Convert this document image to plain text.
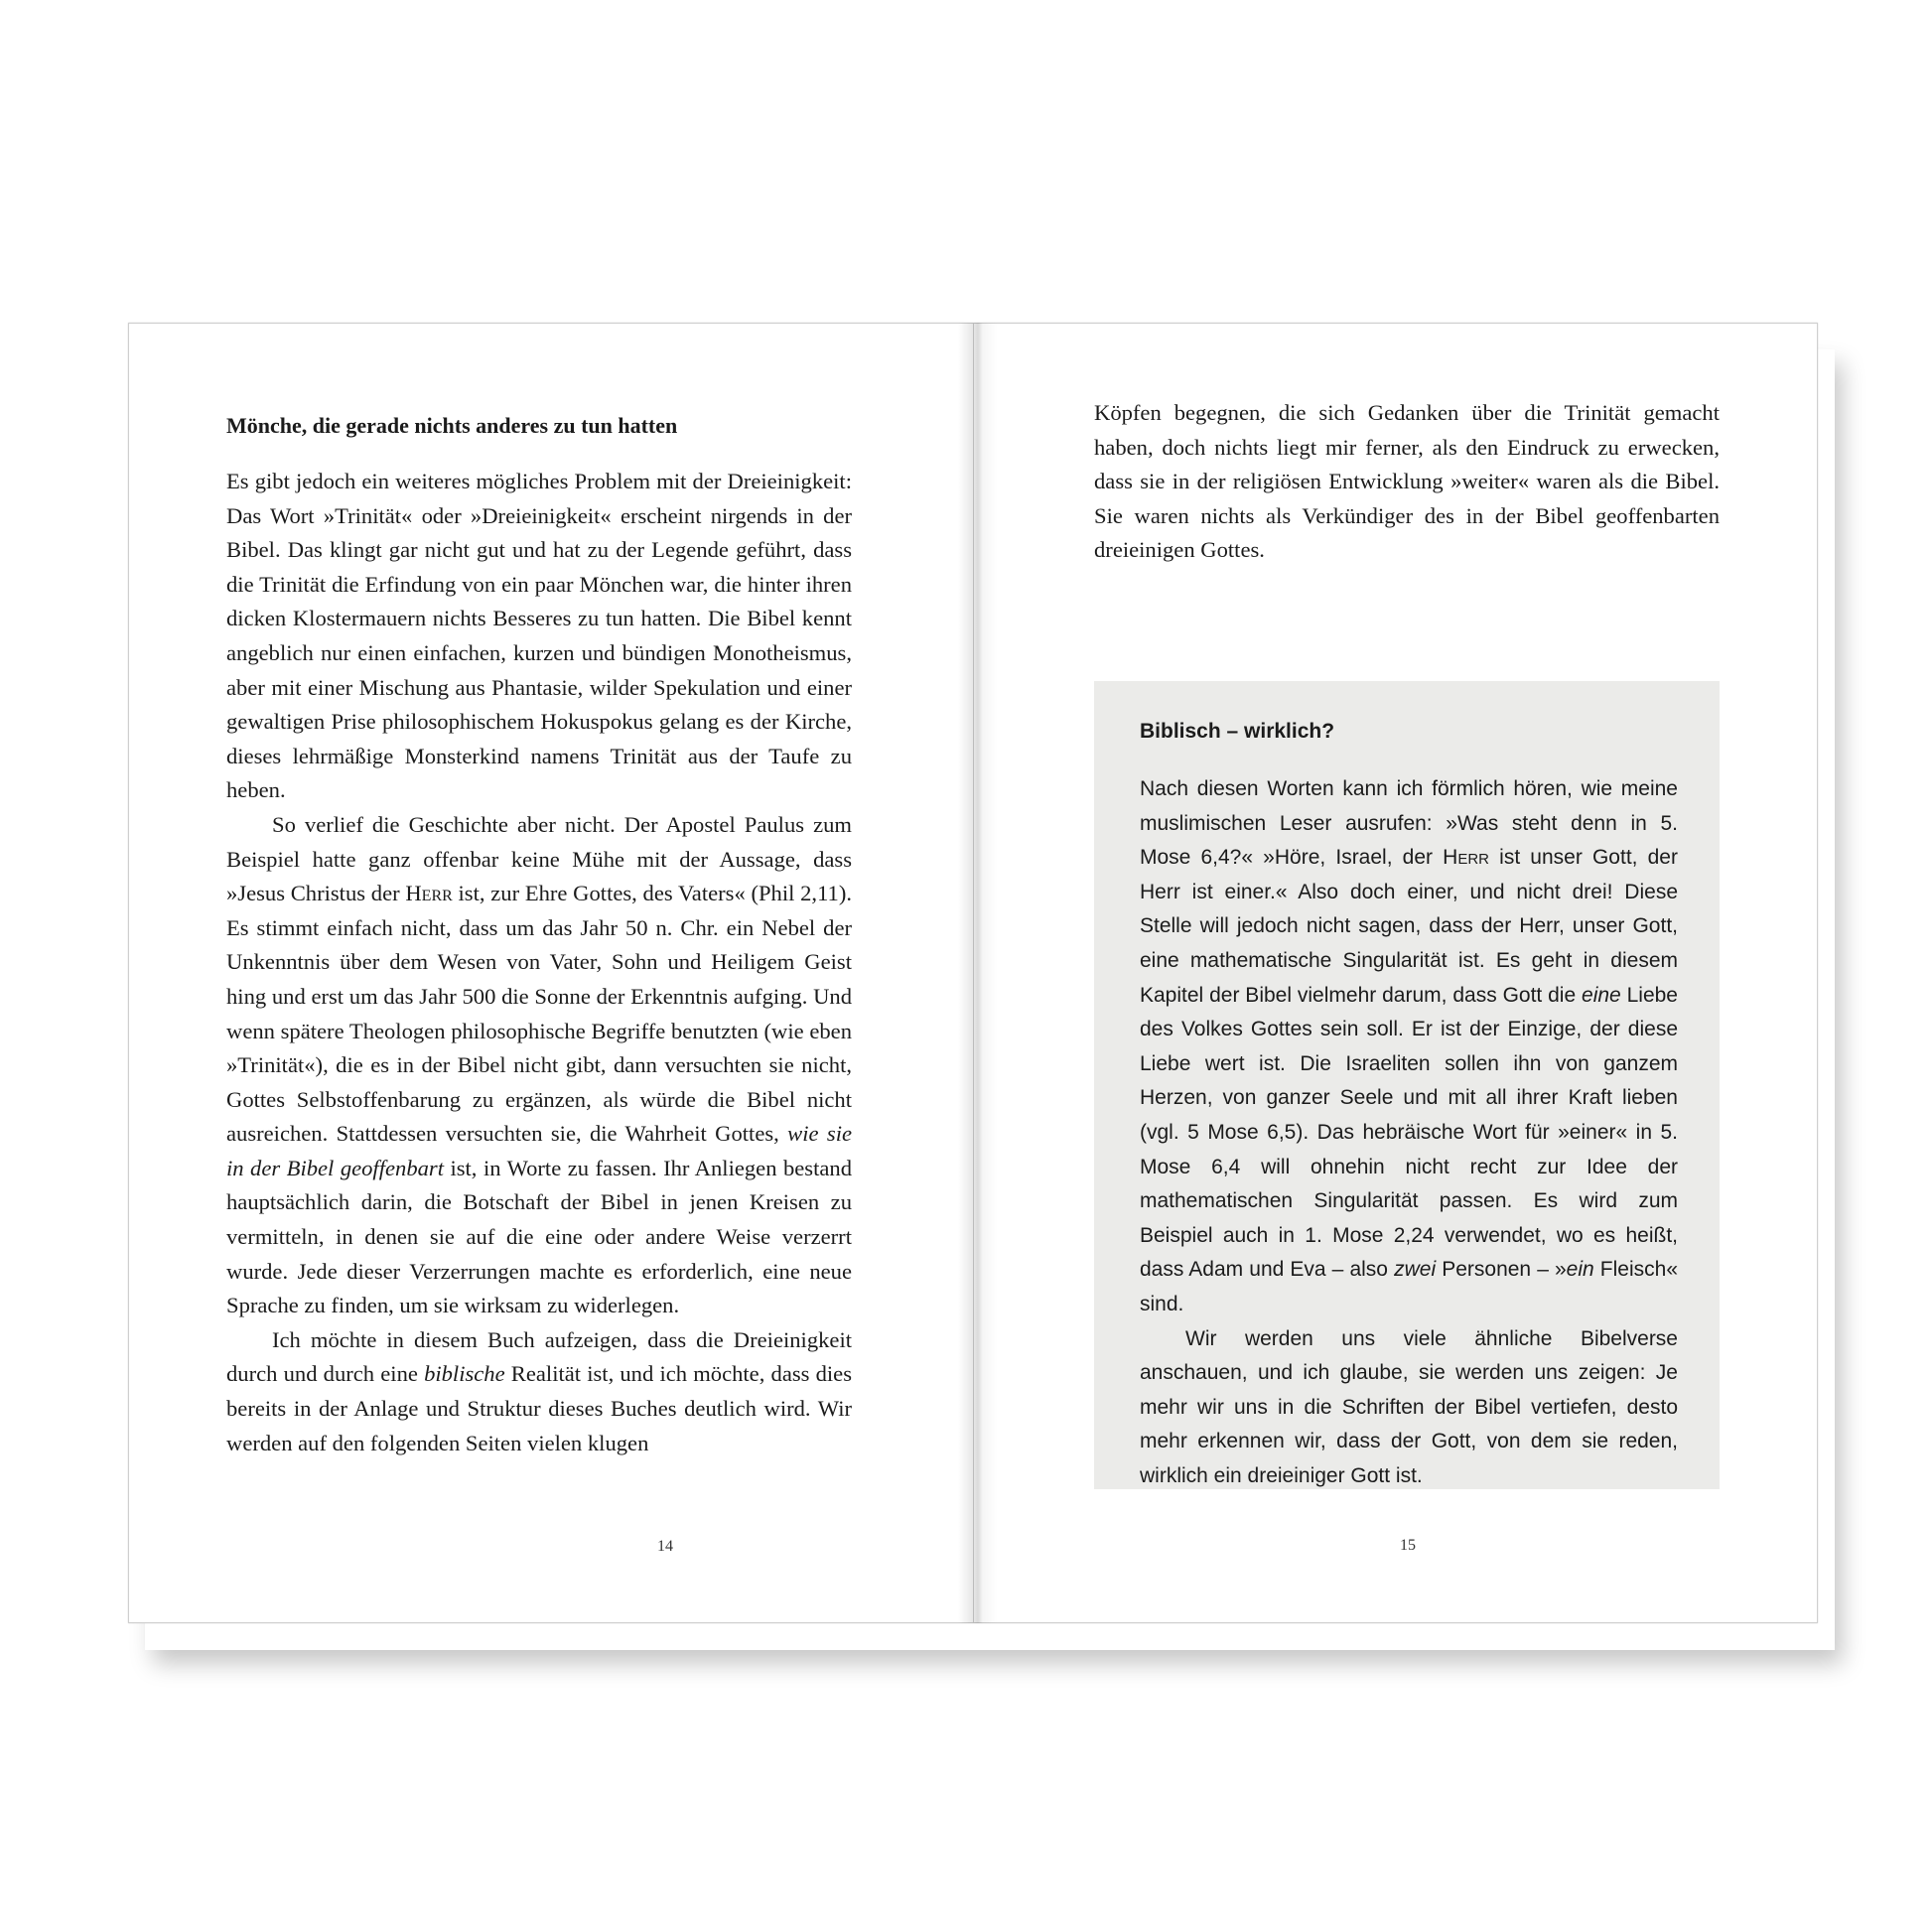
Mönche, die gerade nichts anderes zu tun hatten

Es gibt jedoch ein weiteres mögliches Problem mit der Dreieinigkeit: Das Wort »Trinität« oder »Dreieinigkeit« erscheint nirgends in der Bibel. Das klingt gar nicht gut und hat zu der Legende geführt, dass die Trinität die Erfindung von ein paar Mönchen war, die hinter ihren dicken Klostermauern nichts Besseres zu tun hatten. Die Bibel kennt angeblich nur einen einfachen, kurzen und bündigen Monotheismus, aber mit einer Mischung aus Phantasie, wilder Spekulation und einer gewaltigen Prise philosophischem Hokuspokus gelang es der Kirche, dieses lehrmäßige Monsterkind namens Trinität aus der Taufe zu heben.

So verlief die Geschichte aber nicht. Der Apostel Paulus zum Beispiel hatte ganz offenbar keine Mühe mit der Aussage, dass »Jesus Christus der Herr ist, zur Ehre Gottes, des Vaters« (Phil 2,11). Es stimmt einfach nicht, dass um das Jahr 50 n. Chr. ein Nebel der Unkenntnis über dem Wesen von Vater, Sohn und Heiligem Geist hing und erst um das Jahr 500 die Sonne der Erkenntnis aufging. Und wenn spätere Theologen philosophische Begriffe benutzten (wie eben »Trinität«), die es in der Bibel nicht gibt, dann versuchten sie nicht, Gottes Selbstoffenbarung zu ergänzen, als würde die Bibel nicht ausreichen. Stattdessen versuchten sie, die Wahrheit Gottes, wie sie in der Bibel geoffenbart ist, in Worte zu fassen. Ihr Anliegen bestand hauptsächlich darin, die Botschaft der Bibel in jenen Kreisen zu vermitteln, in denen sie auf die eine oder andere Weise verzerrt wurde. Jede dieser Verzerrungen machte es erforderlich, eine neue Sprache zu finden, um sie wirksam zu widerlegen.

Ich möchte in diesem Buch aufzeigen, dass die Dreieinigkeit durch und durch eine biblische Realität ist, und ich möchte, dass dies bereits in der Anlage und Struktur dieses Buches deutlich wird. Wir werden auf den folgenden Seiten vielen klugen

14

Köpfen begegnen, die sich Gedanken über die Trinität gemacht haben, doch nichts liegt mir ferner, als den Eindruck zu erwecken, dass sie in der religiösen Entwicklung »weiter« waren als die Bibel. Sie waren nichts als Verkündiger des in der Bibel geoffenbarten dreieinigen Gottes.

Biblisch – wirklich?

Nach diesen Worten kann ich förmlich hören, wie meine muslimischen Leser ausrufen: »Was steht denn in 5. Mose 6,4?« »Höre, Israel, der Herr ist unser Gott, der Herr ist einer.« Also doch einer, und nicht drei! Diese Stelle will jedoch nicht sagen, dass der Herr, unser Gott, eine mathematische Singularität ist. Es geht in diesem Kapitel der Bibel vielmehr darum, dass Gott die eine Liebe des Volkes Gottes sein soll. Er ist der Einzige, der diese Liebe wert ist. Die Israeliten sollen ihn von ganzem Herzen, von ganzer Seele und mit all ihrer Kraft lieben (vgl. 5 Mose 6,5). Das hebräische Wort für »einer« in 5. Mose 6,4 will ohnehin nicht recht zur Idee der mathematischen Singularität passen. Es wird zum Beispiel auch in 1. Mose 2,24 verwendet, wo es heißt, dass Adam und Eva – also zwei Personen – »ein Fleisch« sind.

Wir werden uns viele ähnliche Bibelverse anschauen, und ich glaube, sie werden uns zeigen: Je mehr wir uns in die Schriften der Bibel vertiefen, desto mehr erkennen wir, dass der Gott, von dem sie reden, wirklich ein dreieiniger Gott ist.

15
